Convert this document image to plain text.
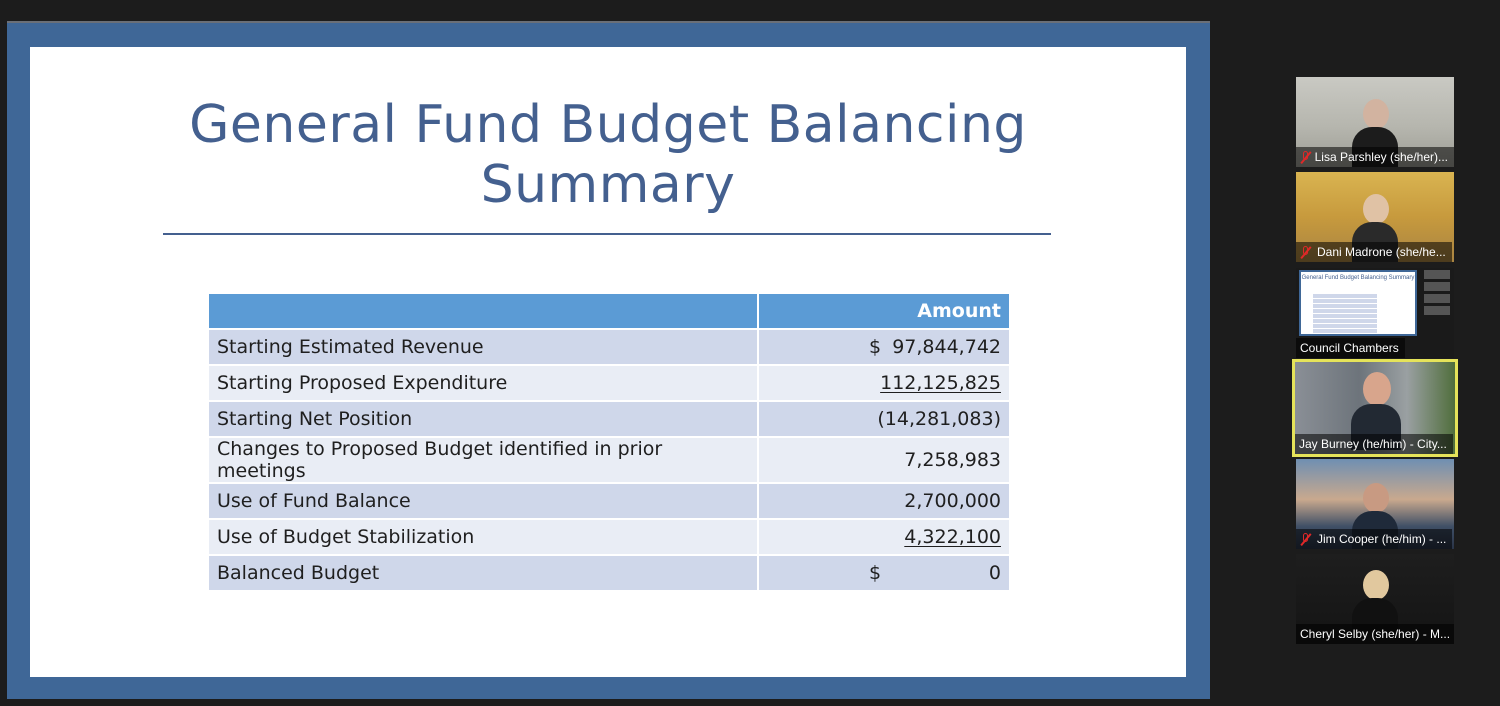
General Fund Budget Balancing
Summary
	Amount
Starting Estimated Revenue	$ 97,844,742

Starting Proposed Expenditure	112,125,825

Starting Net Position	(14,281,083)

Changes to Proposed Budget identified in prior meetings	7,258,983

Use of Fund Balance	2,700,000

Use of Budget Stabilization	4,322,100

Balanced Budget	$ 0
Lisa Parshley (she/her)...
Dani Madrone (she/he...
General Fund Budget Balancing Summary
Council Chambers
Jay Burney (he/him) - City...
Jim Cooper (he/him) - ...
Cheryl Selby (she/her) - M...
